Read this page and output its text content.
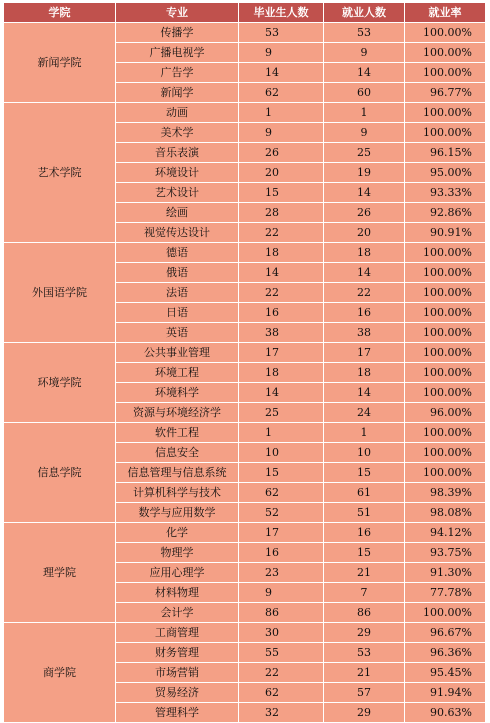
学院	专业	毕业生人数	就业人数	就业率
新闻学院	传播学	53	53	100.00%
	广播电视学	9	9	100.00%
	广告学	14	14	100.00%
	新闻学	62	60	96.77%
艺术学院	动画	1	1	100.00%
	美术学	9	9	100.00%
	音乐表演	26	25	96.15%
	环境设计	20	19	95.00%
	艺术设计	15	14	93.33%
	绘画	28	26	92.86%
	视觉传达设计	22	20	90.91%
外国语学院	德语	18	18	100.00%
	俄语	14	14	100.00%
	法语	22	22	100.00%
	日语	16	16	100.00%
	英语	38	38	100.00%
环境学院	公共事业管理	17	17	100.00%
	环境工程	18	18	100.00%
	环境科学	14	14	100.00%
	资源与环境经济学	25	24	96.00%
信息学院	软件工程	1	1	100.00%
	信息安全	10	10	100.00%
	信息管理与信息系统	15	15	100.00%
	计算机科学与技术	62	61	98.39%
	数学与应用数学	52	51	98.08%
理学院	化学	17	16	94.12%
	物理学	16	15	93.75%
	应用心理学	23	21	91.30%
	材料物理	9	7	77.78%
	会计学	86	86	100.00%
商学院	工商管理	30	29	96.67%
	财务管理	55	53	96.36%
	市场营销	22	21	95.45%
	贸易经济	62	57	91.94%
	管理科学	32	29	90.63%
